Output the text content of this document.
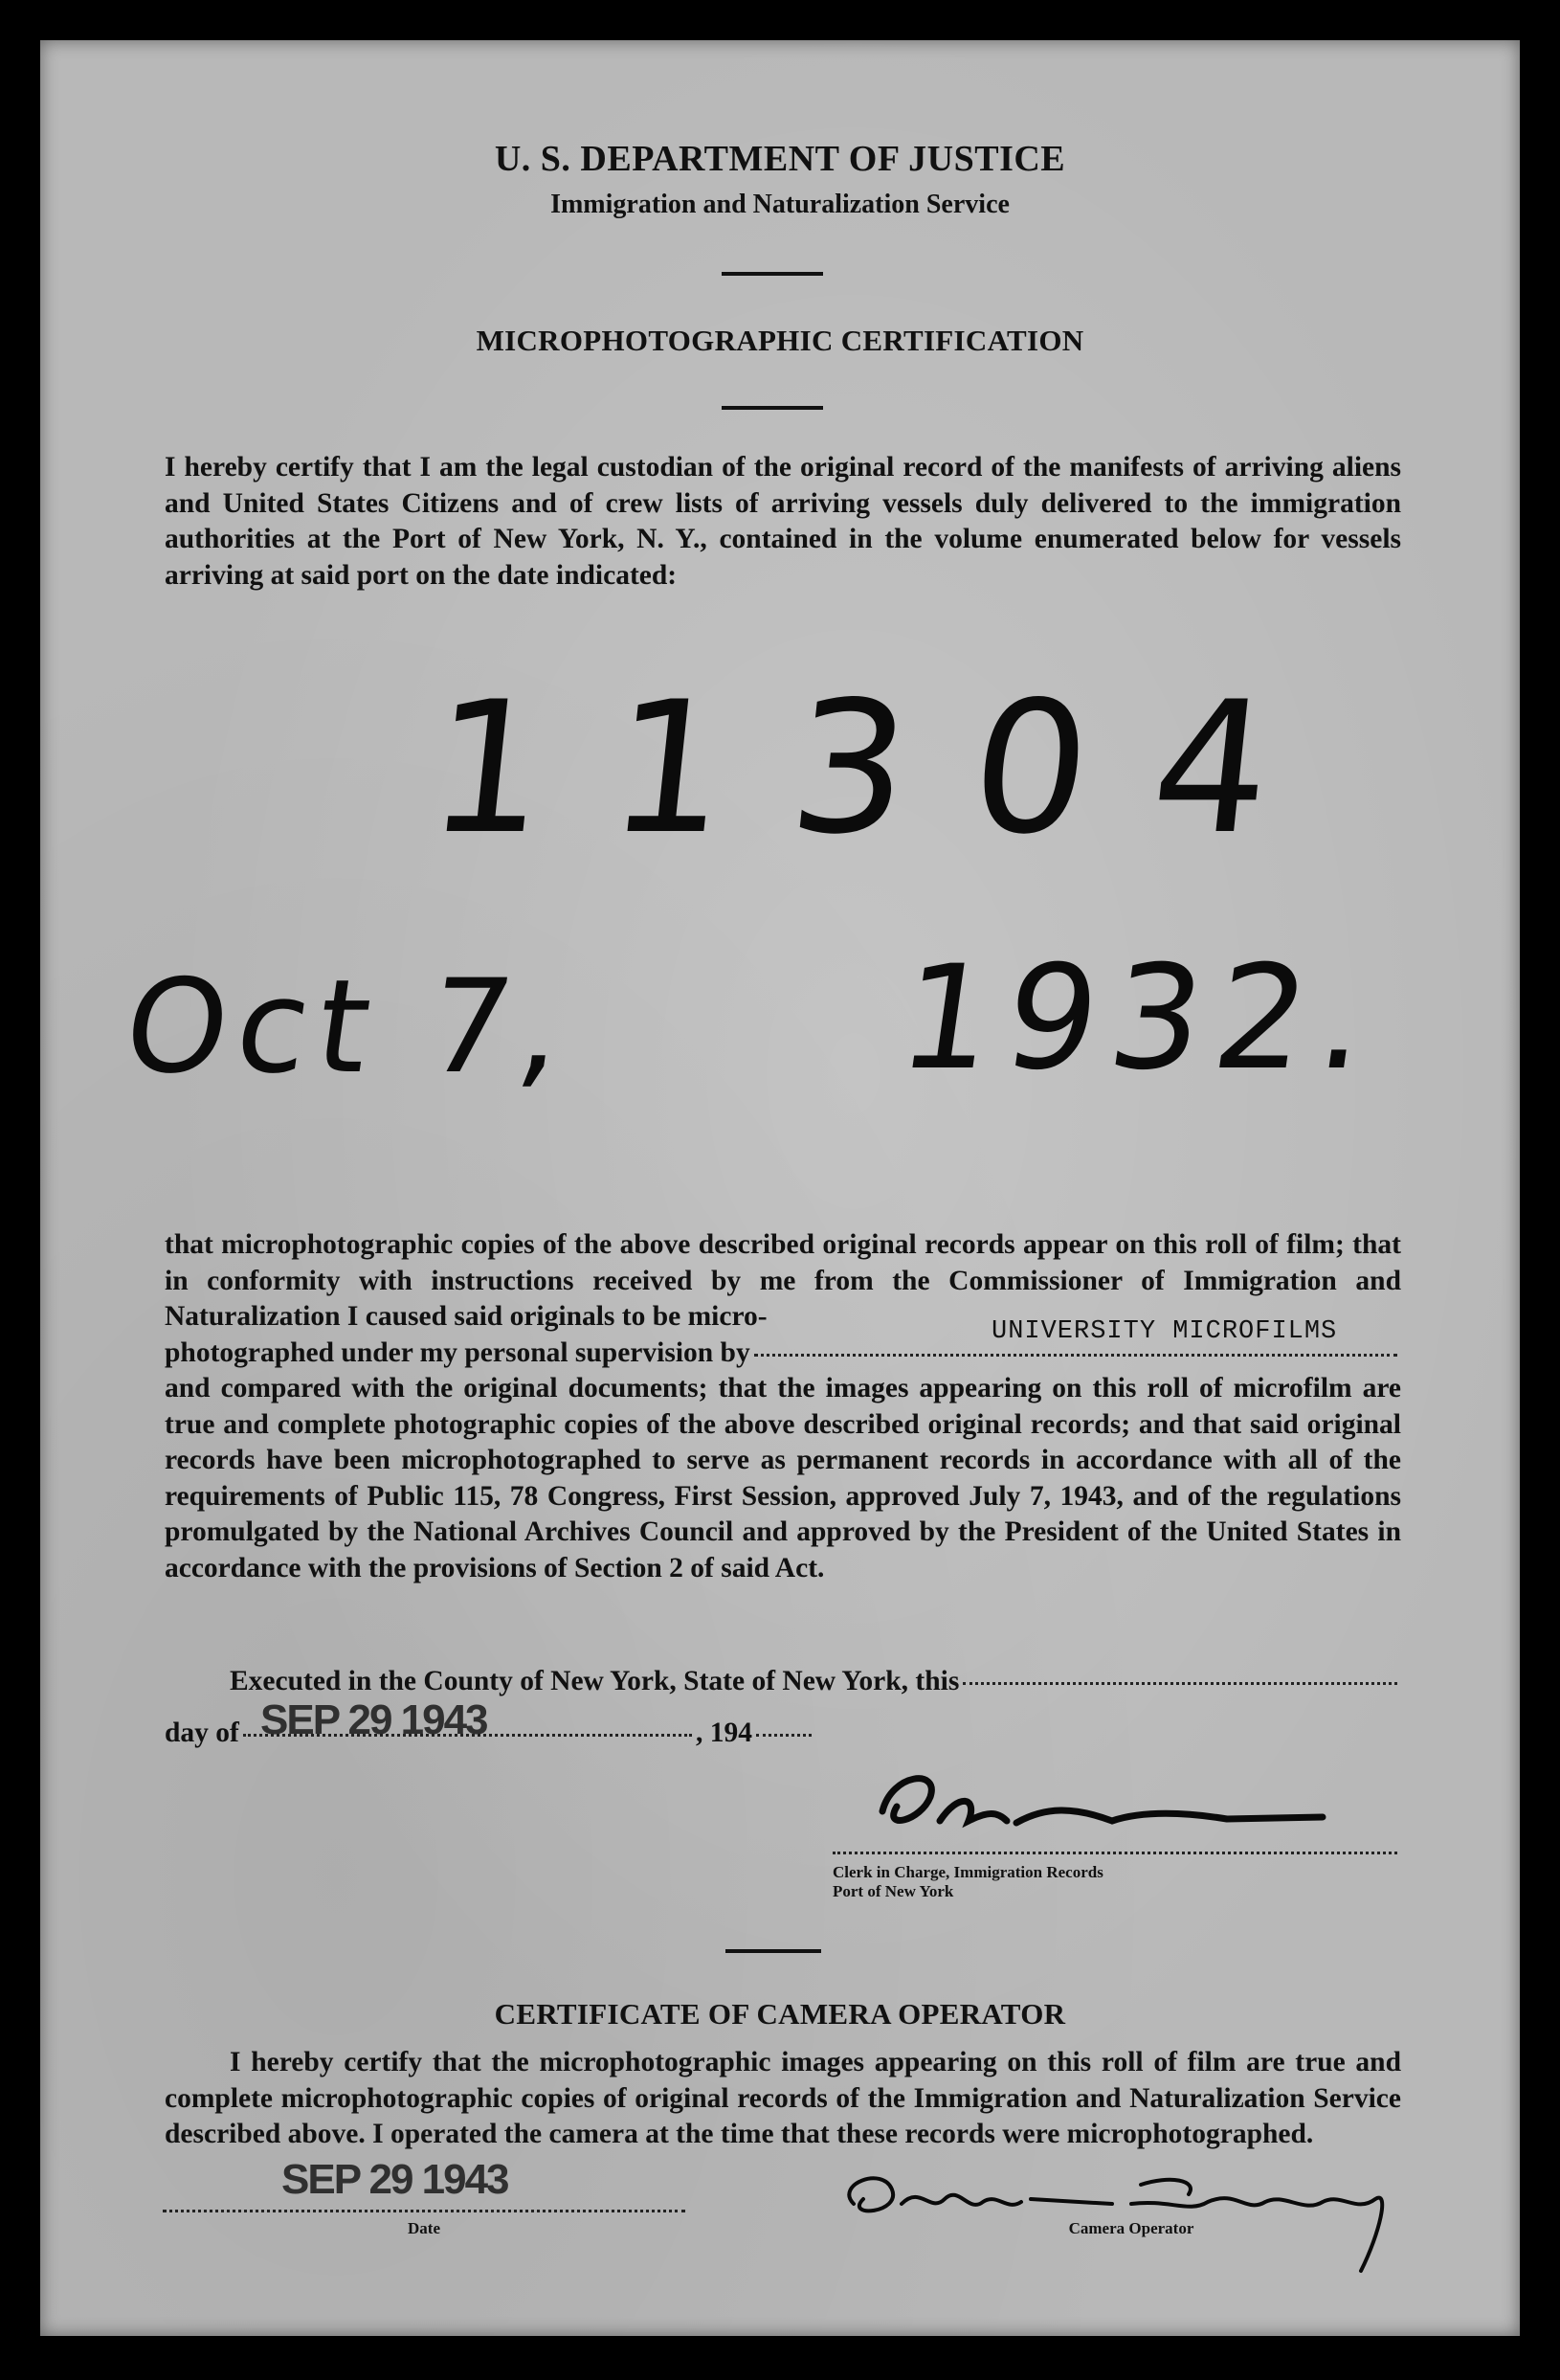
U. S. DEPARTMENT OF JUSTICE
Immigration and Naturalization Service
MICROPHOTOGRAPHIC CERTIFICATION

I hereby certify that I am the legal custodian of the original record of the manifests of arriving aliens and United States Citizens and of crew lists of arriving vessels duly delivered to the immigration authorities at the Port of New York, N. Y., contained in the volume enumerated below for vessels arriving at said port on the date indicated:

11304
Oct 7, 1932.

that microphotographic copies of the above described original records appear on this roll of film; that in conformity with instructions received by me from the Commissioner of Immigration and Naturalization I caused said originals to be micro-

photographed under my personal supervision by
UNIVERSITY MICROFILMS

and compared with the original documents; that the images appearing on this roll of microfilm are true and complete photographic copies of the above described original records; and that said original records have been microphotographed to serve as permanent records in accordance with all of the requirements of Public 115, 78 Congress, First Session, approved July 7, 1943, and of the regulations promulgated by the National Archives Council and approved by the President of the United States in accordance with the provisions of Section 2 of said Act.

Executed in the County of New York, State of New York, this
day of	, 194
SEP 29 1943
Clerk in Charge, Immigration Records
Port of New York
CERTIFICATE OF CAMERA OPERATOR

I hereby certify that the microphotographic images appearing on this roll of film are true and complete microphotographic copies of original records of the Immigration and Naturalization Service described above. I operated the camera at the time that these records were microphotographed.

SEP 29 1943
Date	Camera Operator
